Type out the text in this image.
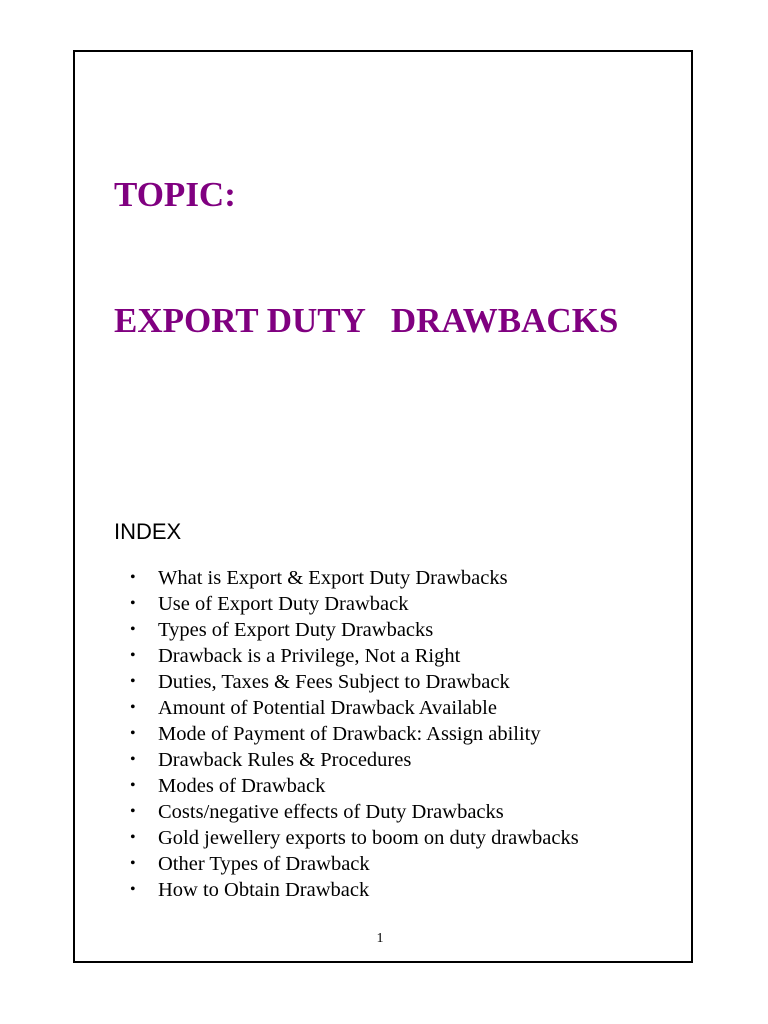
TOPIC:

EXPORT DUTY   DRAWBACKS

INDEX
• What is Export & Export Duty Drawbacks
• Use of Export Duty Drawback
• Types of Export Duty Drawbacks
• Drawback is a Privilege, Not a Right
• Duties, Taxes & Fees Subject to Drawback
• Amount of Potential Drawback Available
• Mode of Payment of Drawback: Assign ability
• Drawback Rules & Procedures
• Modes of Drawback
• Costs/negative effects of Duty Drawbacks
• Gold jewellery exports to boom on duty drawbacks
• Other Types of Drawback
• How to Obtain Drawback
1
